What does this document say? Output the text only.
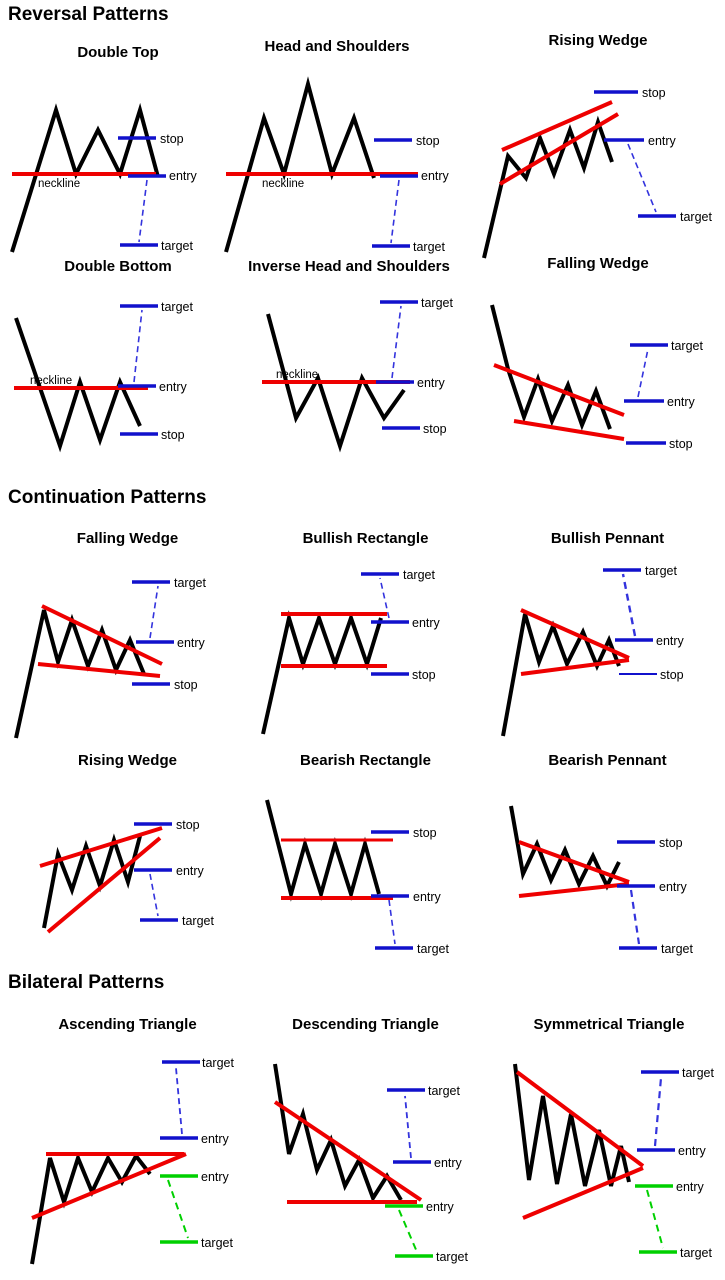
Reversal Patterns
Continuation Patterns
Bilateral Patterns
Double Top
stop
entry
target
neckline
Head and Shoulders
stop
entry
target
neckline
Rising Wedge
stop
entry
target
Double Bottom
target
entry
stop
neckline
Inverse Head and Shoulders
target
entry
stop
neckline
Falling Wedge
target
entry
stop
Falling Wedge
target
entry
stop
Bullish Rectangle
target
entry
stop
Bullish Pennant
target
entry
stop
Rising Wedge
stop
entry
target
Bearish Rectangle
stop
entry
target
Bearish Pennant
stop
entry
target
Ascending Triangle
target
entry
entry
target
Descending Triangle
target
entry
entry
target
Symmetrical Triangle
target
entry
entry
target
